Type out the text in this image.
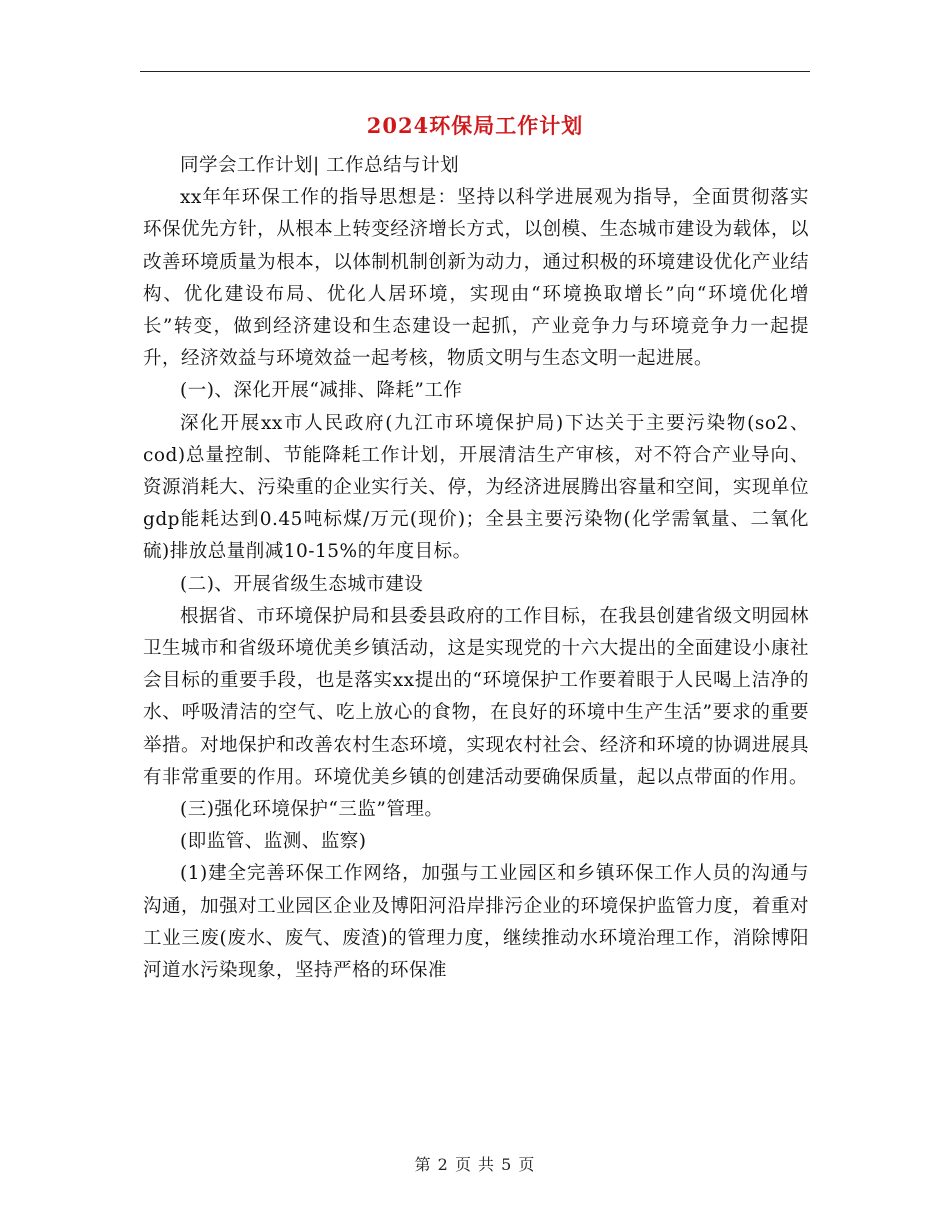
2024环保局工作计划

同学会工作计划| 工作总结与计划

xx年年环保工作的指导思想是：坚持以科学进展观为指导，全面贯彻落实环保优先方针，从根本上转变经济增长方式，以创模、生态城市建设为载体，以改善环境质量为根本，以体制机制创新为动力，通过积极的环境建设优化产业结构、优化建设布局、优化人居环境，实现由“环境换取增长”向“环境优化增长”转变，做到经济建设和生态建设一起抓，产业竞争力与环境竞争力一起提升，经济效益与环境效益一起考核，物质文明与生态文明一起进展。

(一)、深化开展“减排、降耗”工作

深化开展xx市人民政府(九江市环境保护局)下达关于主要污染物(so2、cod)总量控制、节能降耗工作计划，开展清洁生产审核，对不符合产业导向、资源消耗大、污染重的企业实行关、停，为经济进展腾出容量和空间，实现单位gdp能耗达到0.45吨标煤/万元(现价)；全县主要污染物(化学需氧量、二氧化硫)排放总量削减10-15%的年度目标。

(二)、开展省级生态城市建设

根据省、市环境保护局和县委县政府的工作目标，在我县创建省级文明园林卫生城市和省级环境优美乡镇活动，这是实现党的十六大提出的全面建设小康社会目标的重要手段，也是落实xx提出的“环境保护工作要着眼于人民喝上洁净的水、呼吸清洁的空气、吃上放心的食物，在良好的环境中生产生活”要求的重要举措。对地保护和改善农村生态环境，实现农村社会、经济和环境的协调进展具有非常重要的作用。环境优美乡镇的创建活动要确保质量，起以点带面的作用。

(三)强化环境保护“三监”管理。

(即监管、监测、监察)

(1)建全完善环保工作网络，加强与工业园区和乡镇环保工作人员的沟通与沟通，加强对工业园区企业及博阳河沿岸排污企业的环境保护监管力度，着重对工业三废(废水、废气、废渣)的管理力度，继续推动水环境治理工作，消除博阳河道水污染现象，坚持严格的环保准

第 2 页 共 5 页
